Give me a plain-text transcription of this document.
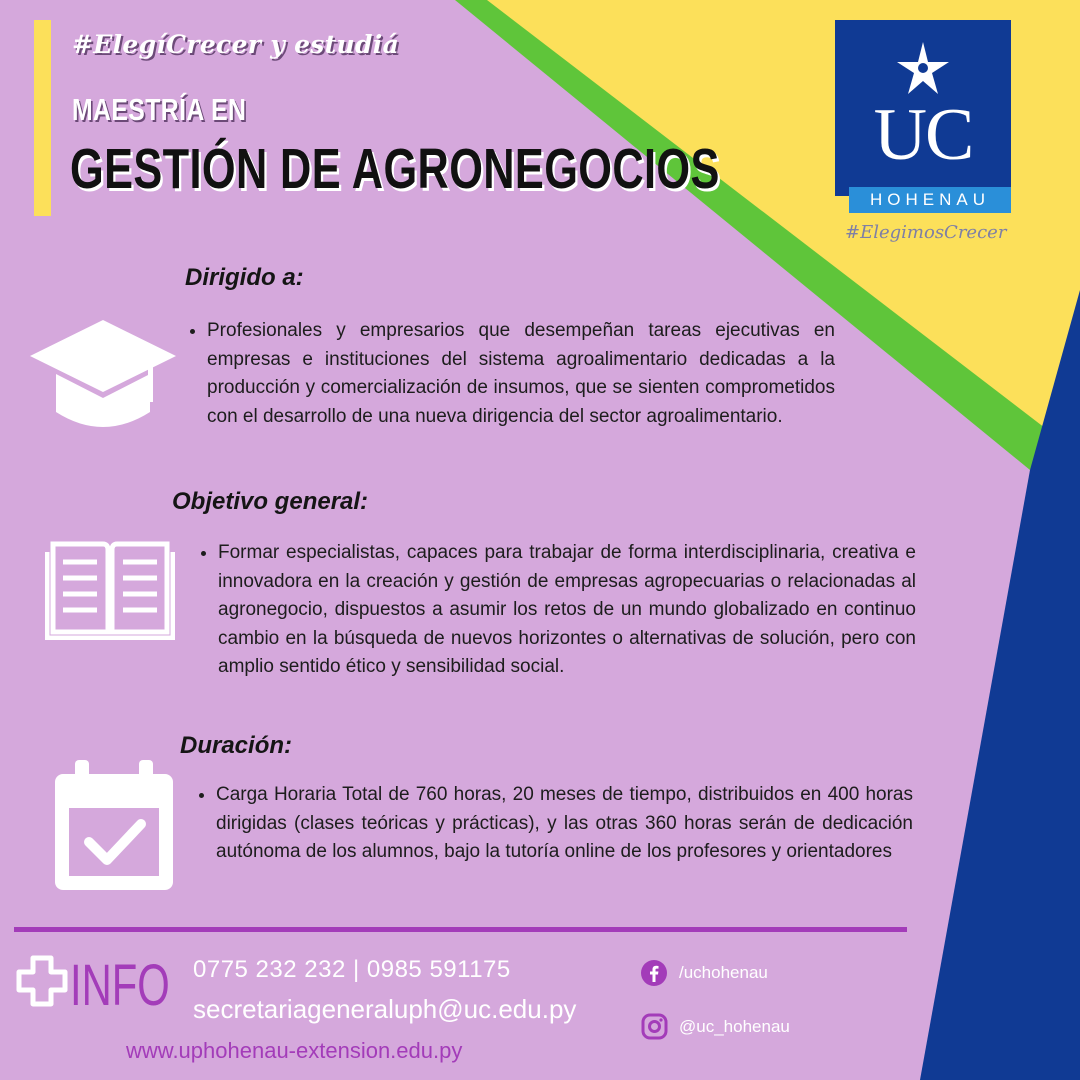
#ElegíCrecer y estudiá
MAESTRÍA EN
GESTIÓN DE AGRONEGOCIOS	UC
HOHENAU
#ElegimosCrecer
Dirigido a:
• Profesionales y empresarios que desempeñan tareas ejecutivas en empresas e instituciones del sistema agroalimentario dedicadas a la producción y comercialización de insumos, que se sienten comprometidos con el desarrollo de una nueva dirigencia del sector agroalimentario.
Objetivo general:
• Formar especialistas, capaces para trabajar de forma interdisciplinaria, creativa e innovadora en la creación y gestión de empresas agropecuarias o relacionadas al agronegocio, dispuestos a asumir los retos de un mundo globalizado en continuo cambio en la búsqueda de nuevos horizontes o alternativas de solución, pero con amplio sentido ético y sensibilidad social.
Duración:
• Carga Horaria Total de 760 horas, 20 meses de tiempo, distribuidos en 400 horas dirigidas (clases teóricas y prácticas), y las otras 360 horas serán de dedicación autónoma de los alumnos, bajo la tutoría online de los profesores y orientadores
INFO 0775 232 232 | 0985 591175
secretariageneraluph@uc.edu.py
www.uphohenau-extension.edu.py
/uchohenau
@uc_hohenau
